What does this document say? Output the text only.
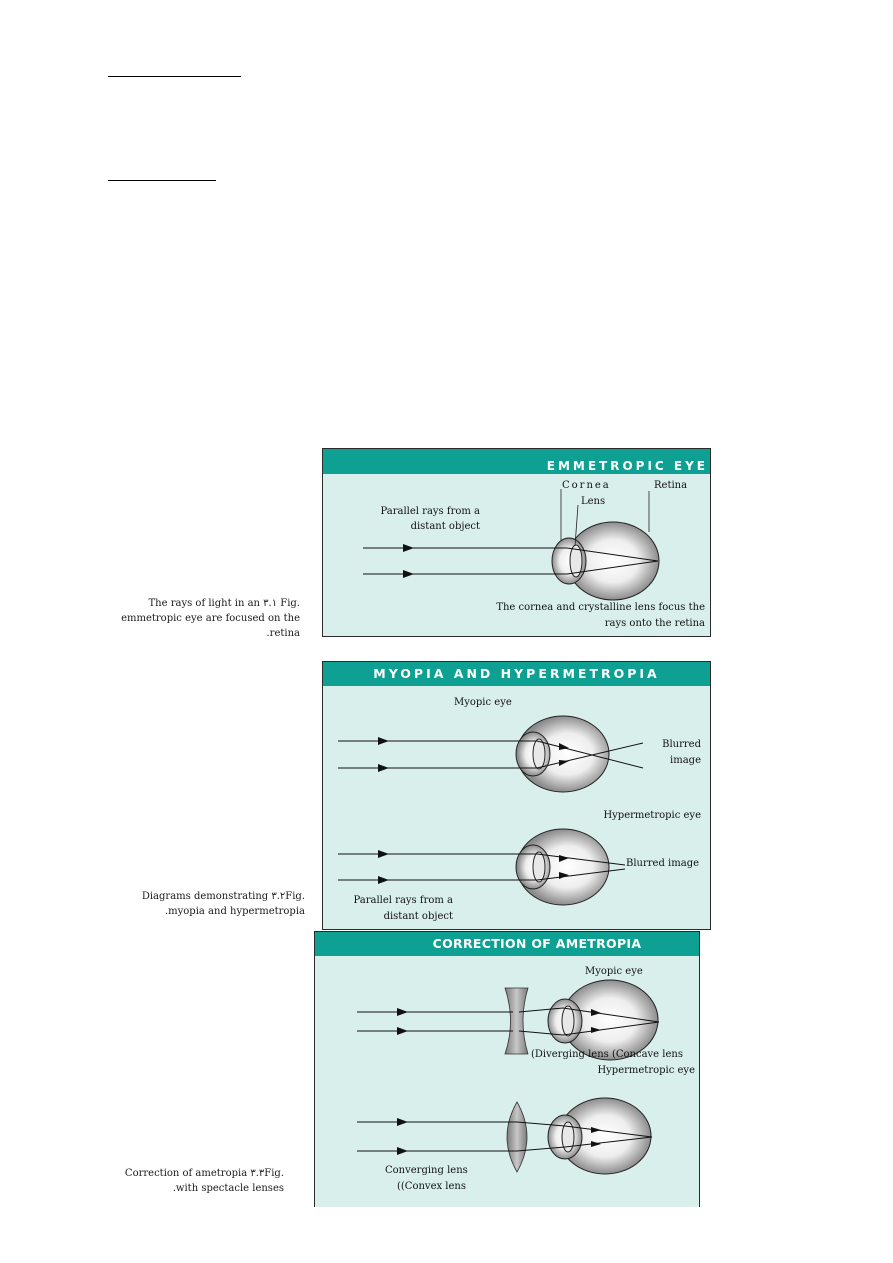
The rays of light in an ٣.١ Fig.
emmetropic eye are focused on the
.retina
Diagrams demonstrating ٣.٢Fig.
.myopia and hypermetropia
Correction of ametropia ٣.٣Fig.
.with spectacle lenses
EMMETROPIC EYE
Cornea
Lens
Retina
Parallel rays from a
distant object
The cornea and crystalline lens focus the
rays onto the retina
MYOPIA AND HYPERMETROPIA
Myopic eye
Blurred
image
Hypermetropic eye
Blurred image
Parallel rays from a
distant object
CORRECTION OF AMETROPIA
Myopic eye
(Diverging lens (Concave lens
Hypermetropic eye
Converging lens
((Convex lens
